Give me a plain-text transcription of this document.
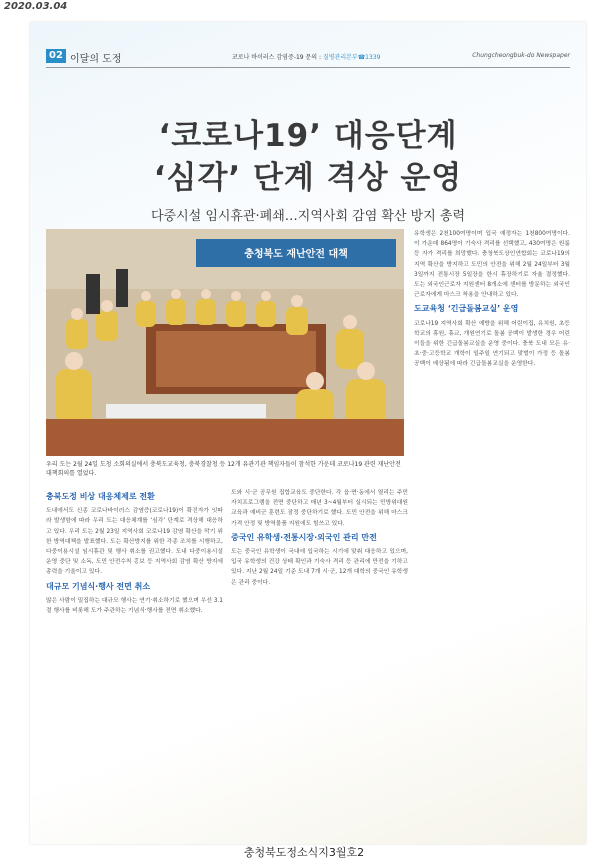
2020.03.04
02 이달의 도정	코로나 바이러스 감염증-19 문의 : 질병관리본부☎1339	Chungcheongbuk-do Newspaper
‘코로나19’ 대응단계
‘심각’ 단계 격상 운영
다중시설 임시휴관·폐쇄…지역사회 감염 확산 방지 총력
충청북도 재난안전 대책
우리 도는 2월 24일 도청 소회의실에서 충북도교육청, 충북경찰청 등 12개 유관기관 책임자들이 참석한 가운데 코로나19 관련 재난안전대책회의를 열었다.
충북도정 비상 대응체제로 전환

도내에서도 신종 코로나바이러스 감염증(코로나19)이 확진자가 잇따라 발생함에 따라 우리 도는 대응체계를 ‘심각’ 단계로 격상해 대응하고 있다. 우리 도는 2월 23일 지역사회 코로나19 감염 확산을 막기 위한 방역대책을 발표했다. 도는 확산방지를 위한 각종 조치를 시행하고, 다중이용시설 임시휴관 및 행사 취소를 권고했다. 도내 다중이용시설 운영 중단 및 소독, 도민 안전수칙 홍보 등 지역사회 감염 확산 방지에 총력을 기울이고 있다.

대규모 기념식·행사 전면 취소

많은 사람이 밀집하는 대규모 행사는 연기·취소하기로 했으며 우선 3.1절 행사를 비롯해 도가 주관하는 기념식·행사를 전면 취소했다.

도와 시·군 공무원 집합교육도 중단한다. 각 읍·면·동에서 열리는 주민자치프로그램을 전면 중단하고 매년 3~4월부터 실시되는 민방위대원 교육과 예비군 훈련도 잠정 중단하기로 했다. 도민 안전을 위해 마스크 가격 안정 및 방역물품 지원에도 힘쓰고 있다.

중국인 유학생·전통시장·외국인 관리 만전

도는 중국인 유학생이 국내에 입국하는 시기에 맞춰 대응하고 있으며, 입국 유학생의 건강 상태 확인과 기숙사 격리 등 관리에 만전을 기하고 있다. 지난 2월 24일 기준 도내 7개 시·군, 12개 대학의 중국인 유학생은 관리 중이다.

유학생은 2천100여명이며 입국 예정자는 1천800여명이다. 이 가운데 864명이 기숙사 격리를 선택했고, 430여명은 원룸 등 자가 격리를 희망했다. 충청북도상인연합회는 코로나19의 지역 확산을 방지하고 도민의 안전을 위해 2월 24일부터 3월 3일까지 전통시장 5일장을 한시 휴장하기로 자율 결정했다. 도는 외국인근로자 지원센터 8개소에 센터를 방문하는 외국인 근로자에게 마스크 착용을 안내하고 있다.

도교육청 ‘긴급돌봄교실’ 운영

코로나19 지역사회 확산 예방을 위해 어린이집, 유치원, 초등학교의 휴원, 휴교, 개원연기로 돌봄 공백이 발생한 경우 어린이들을 위한 긴급돌봄교실을 운영 중이다. 충북 도내 모든 유·초·중·고등학교 개학이 일주일 연기되고 맞벌이 가정 등 돌봄 공백이 예상됨에 따라 긴급돌봄교실을 운영한다.

충청북도정소식지3월호2
